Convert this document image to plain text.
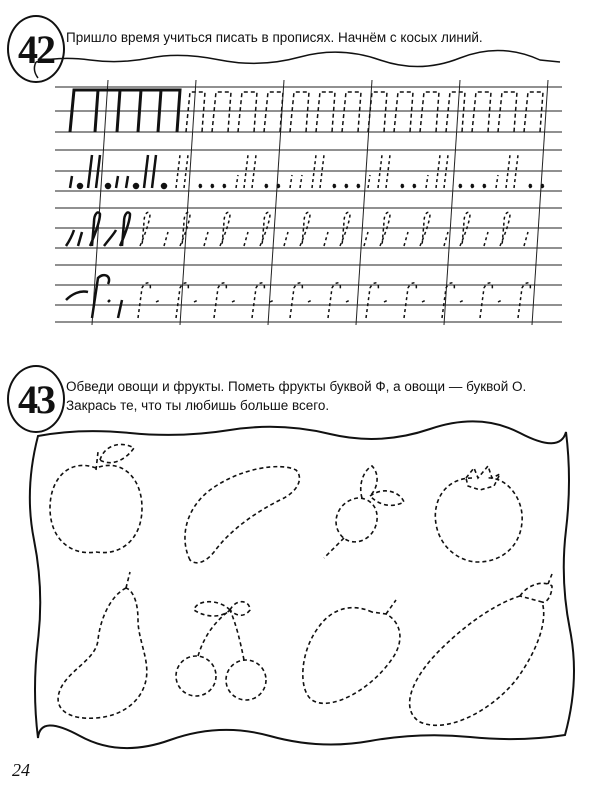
42 Пришло время учиться писать в прописях. Начнём с косых линий.
43 Обведи овощи и фрукты. Пометь фрукты буквой Ф, а овощи — буквой О.
Закрась те, что ты любишь больше всего.
24
